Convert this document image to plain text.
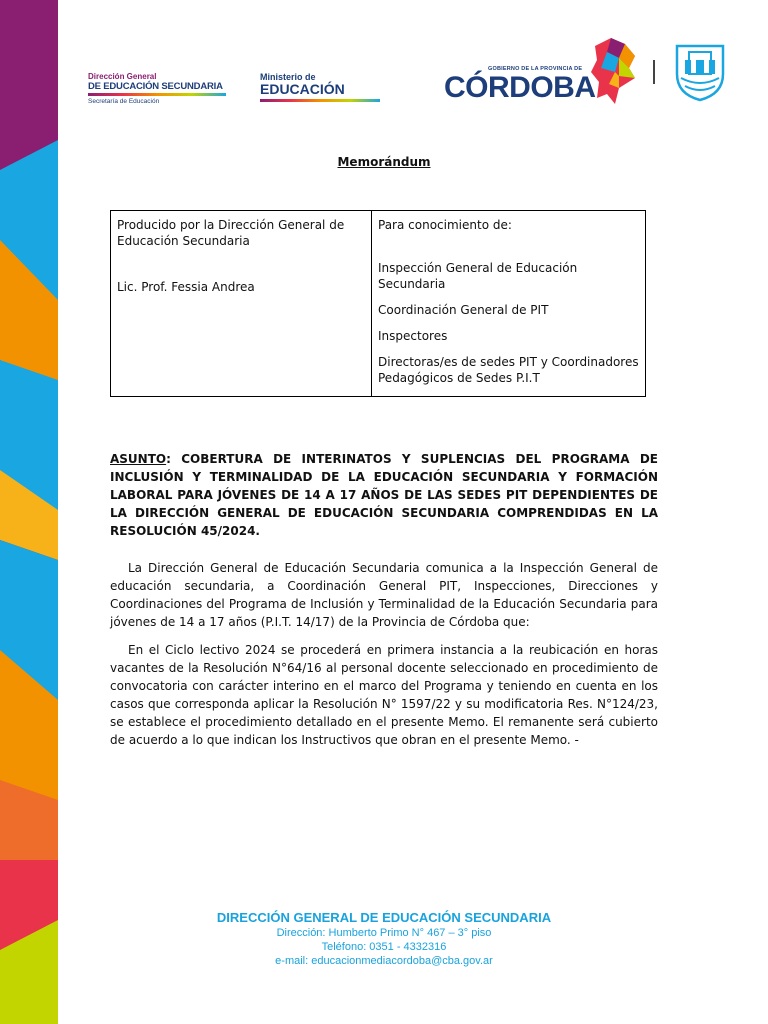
Dirección General
DE EDUCACIÓN SECUNDARIA
Secretaría de Educación
Ministerio de
EDUCACIÓN
GOBIERNO DE LA PROVINCIA DE
CÓRDOBA
Memorándum
Producido por la Dirección General de Educación Secundaria
Lic. Prof. Fessia Andrea
Para conocimiento de:
Inspección General de Educación Secundaria
Coordinación General de PIT
Inspectores
Directoras/es de sedes PIT y Coordinadores Pedagógicos de Sedes P.I.T
ASUNTO: COBERTURA DE INTERINATOS Y SUPLENCIAS DEL PROGRAMA DE INCLUSIÓN Y TERMINALIDAD DE LA EDUCACIÓN SECUNDARIA Y FORMACIÓN LABORAL PARA JÓVENES DE 14 A 17 AÑOS DE LAS SEDES PIT DEPENDIENTES DE LA DIRECCIÓN GENERAL DE EDUCACIÓN SECUNDARIA COMPRENDIDAS EN LA RESOLUCIÓN 45/2024.

La Dirección General de Educación Secundaria comunica a la Inspección General de educación secundaria, a Coordinación General PIT, Inspecciones, Direcciones y Coordinaciones del Programa de Inclusión y Terminalidad de la Educación Secundaria para jóvenes de 14 a 17 años (P.I.T. 14/17) de la Provincia de Córdoba que:

En el Ciclo lectivo 2024 se procederá en primera instancia a la reubicación en horas vacantes de la Resolución N°64/16 al personal docente seleccionado en procedimiento de convocatoria con carácter interino en el marco del Programa y teniendo en cuenta en los casos que corresponda aplicar la Resolución N° 1597/22 y su modificatoria Res. N°124/23, se establece el procedimiento detallado en el presente Memo. El remanente será cubierto de acuerdo a lo que indican los Instructivos que obran en el presente Memo. -

DIRECCIÓN GENERAL DE EDUCACIÓN SECUNDARIA
Dirección: Humberto Primo N° 467 – 3° piso
Teléfono: 0351 - 4332316
e-mail: educacionmediacordoba@cba.gov.ar
